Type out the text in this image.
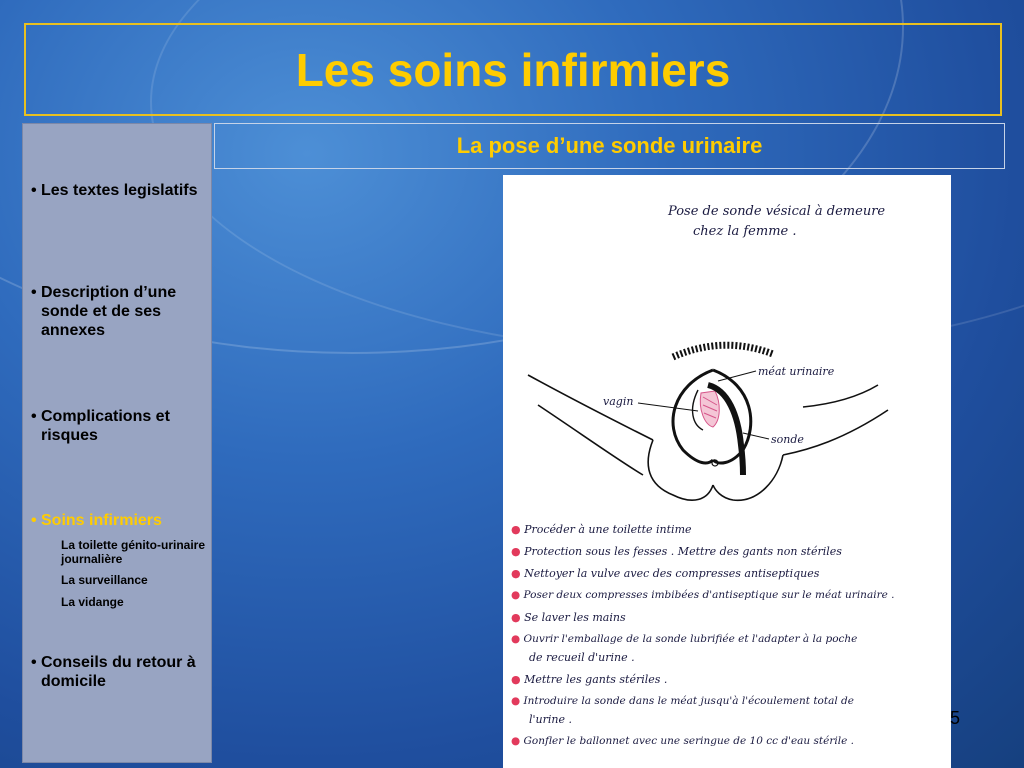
Les soins infirmiers
• Les textes legislatifs
• Description d’une sonde et de ses annexes
• Complications et risques
• Soins infirmiers
La toilette génito-urinaire journalière
La surveillance
La vidange
• Conseils du retour à domicile
La pose d’une sonde urinaire
Pose de sonde vésical à demeure
chez la femme .
vagin
méat urinaire
sonde
● Procéder à une toilette intime
● Protection sous les fesses . Mettre des gants non stériles
● Nettoyer la vulve avec des compresses antiseptiques
● Poser deux compresses imbibées d'antiseptique sur le méat urinaire .
● Se laver les mains
● Ouvrir l'emballage de la sonde lubrifiée et l'adapter à la poche
de recueil d'urine .
● Mettre les gants stériles .
● Introduire la sonde dans le méat jusqu'à l'écoulement total de
l'urine .
● Gonfler le ballonnet avec une seringue de 10 cc d'eau stérile .
5
